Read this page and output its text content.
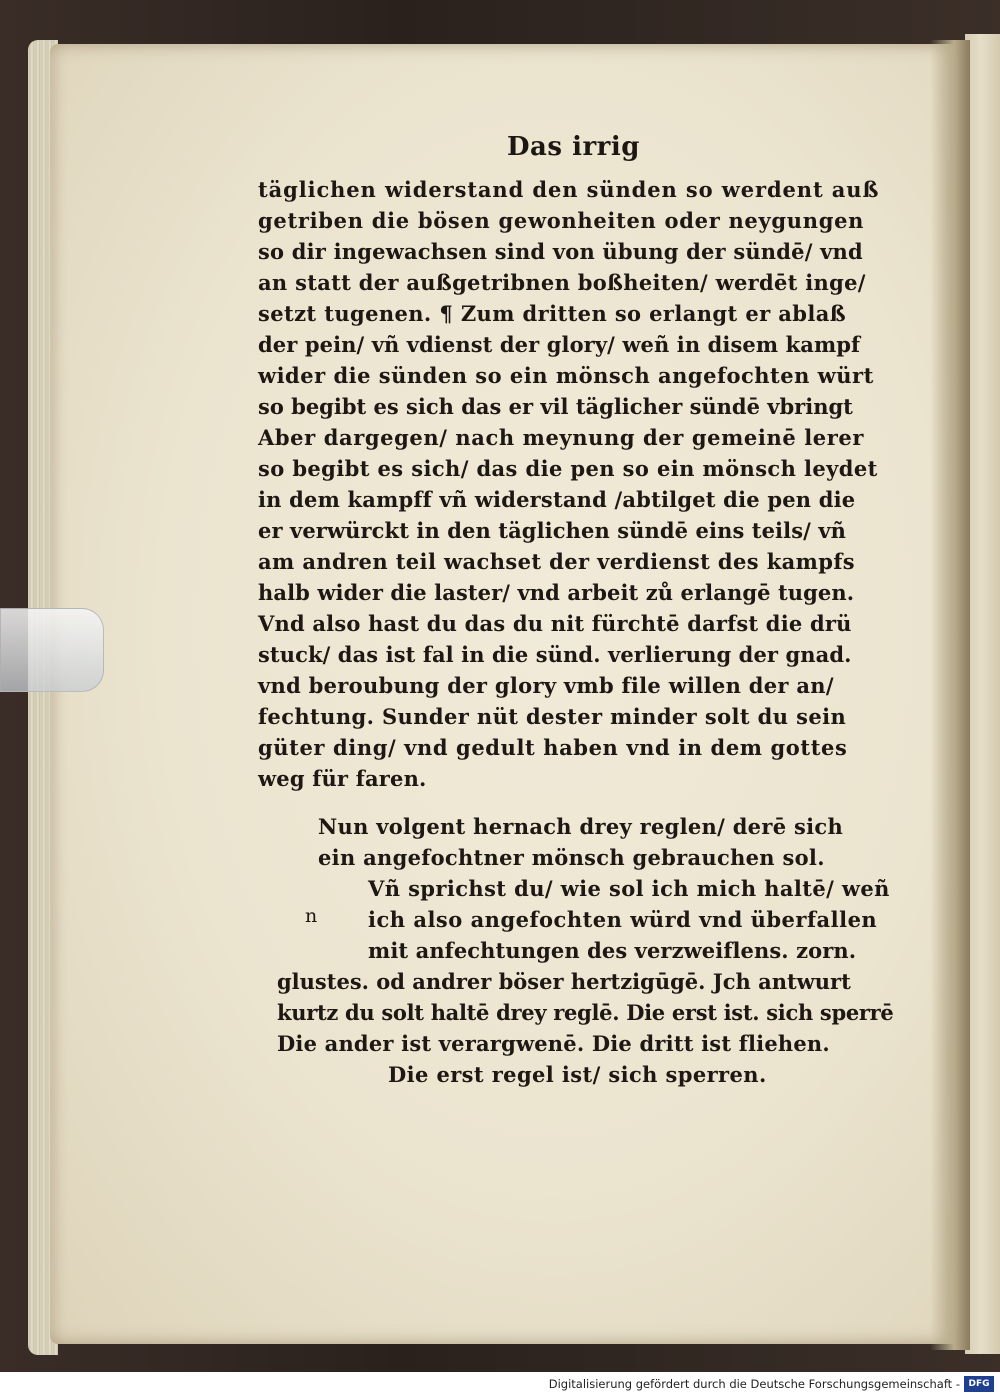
Das irrig
täglichen widerstand den sünden so werdent auß
getriben die bösen gewonheiten oder neygungen
so dir ingewachsen sind von übung der sündē/ vnd
an statt der außgetribnen boßheiten/ werdēt inge/
setzt tugenen. ¶ Zum dritten so erlangt er ablaß
der pein/ vñ vdienst der glory/ weñ in disem kampf
wider die sünden so ein mönsch angefochten würt
so begibt es sich das er vil täglicher sündē vbringt
Aber dargegen/ nach meynung der gemeinē lerer
so begibt es sich/ das die pen so ein mönsch leydet
in dem kampff vñ widerstand /abtilget die pen die
er verwürckt in den täglichen sündē eins teils/ vñ
am andren teil wachset der verdienst des kampfs
halb wider die laster/ vnd arbeit zů erlangē tugen.
Vnd also hast du das du nit fürchtē darfst die drü
stuck/ das ist fal in die sünd. verlierung der gnad.
vnd beroubung der glory vmb file willen der an/
fechtung. Sunder nüt dester minder solt du sein
güter ding/ vnd gedult haben vnd in dem gottes
weg für faren.
Nun volgent hernach drey reglen/ derē sich
ein angefochtner mönsch gebrauchen sol.
n
Vñ sprichst du/ wie sol ich mich haltē/ weñ
ich also angefochten würd vnd überfallen
mit anfechtungen des verzweiflens. zorn.
glustes. od andrer böser hertzigūgē. Jch antwurt
kurtz du solt haltē drey reglē. Die erst ist. sich sperrē
Die ander ist verargwenē. Die dritt ist fliehen.
Die erst regel ist/ sich sperren.
Digitalisierung gefördert durch die Deutsche Forschungsgemeinschaft - DFG
